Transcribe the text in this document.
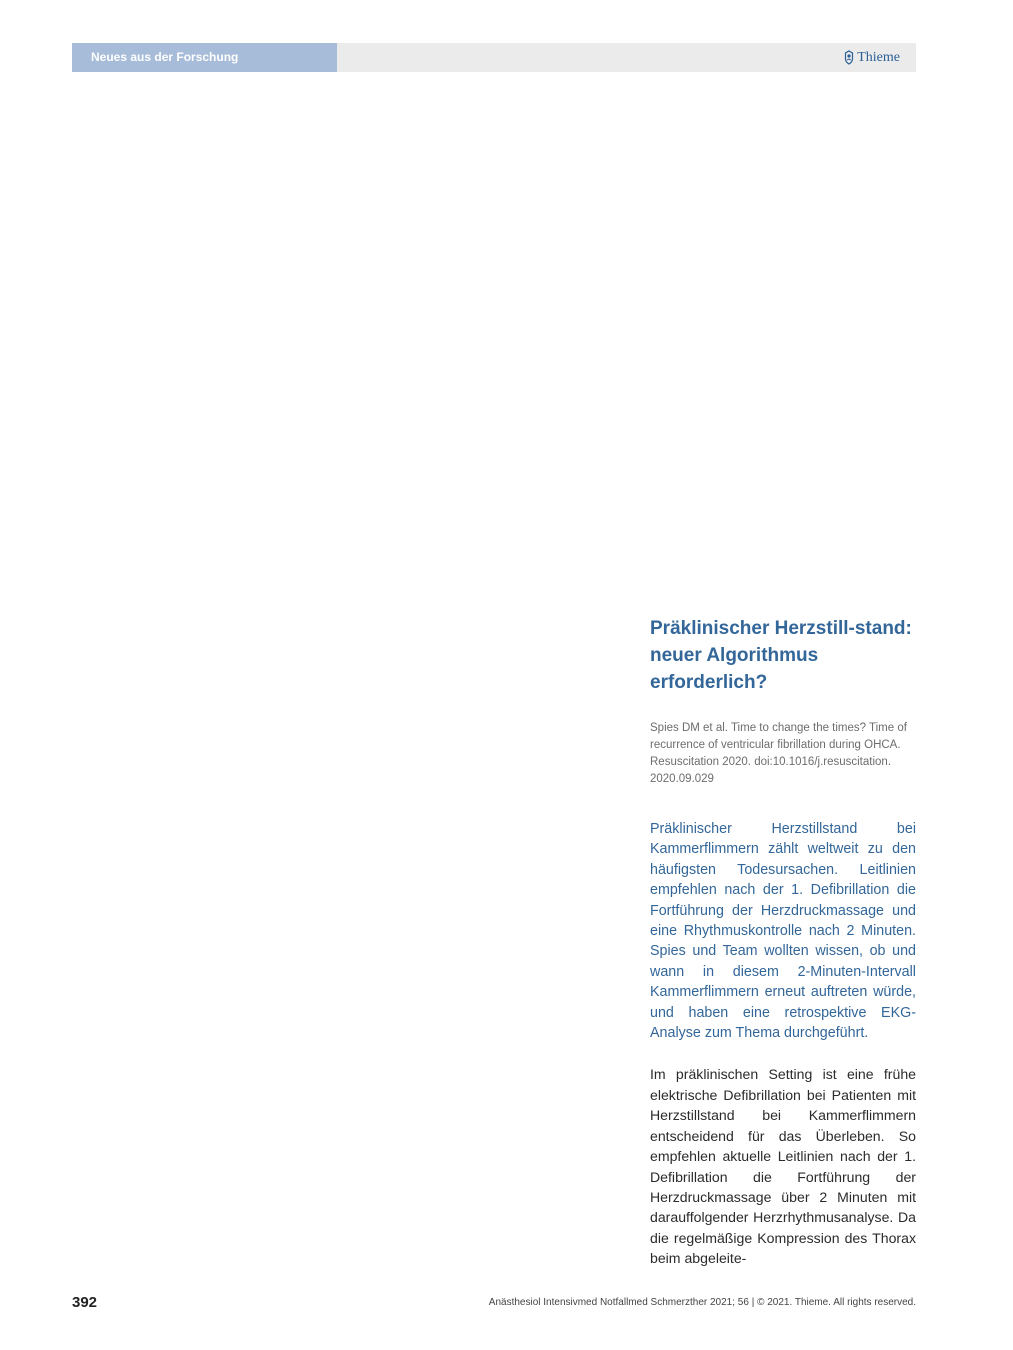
Neues aus der Forschung	Thieme
Präklinischer Herzstill-stand: neuer Algorithmus erforderlich?

Spies DM et al. Time to change the times? Time of recurrence of ventricular fibrillation during OHCA. Resuscitation 2020. doi:10.1016/j.resuscitation. 2020.09.029

Präklinischer Herzstillstand bei Kammerflimmern zählt weltweit zu den häufigsten Todesursachen. Leitlinien empfehlen nach der 1. Defibrillation die Fortführung der Herzdruckmassage und eine Rhythmuskontrolle nach 2 Minuten. Spies und Team wollten wissen, ob und wann in diesem 2-Minuten-Intervall Kammerflimmern erneut auftreten würde, und haben eine retrospektive EKG-Analyse zum Thema durchgeführt.

Im präklinischen Setting ist eine frühe elektrische Defibrillation bei Patienten mit Herzstillstand bei Kammerflimmern entscheidend für das Überleben. So empfehlen aktuelle Leitlinien nach der 1. Defibrillation die Fortführung der Herzdruckmassage über 2 Minuten mit darauffolgender Herzrhythmusanalyse. Da die regelmäßige Kompression des Thorax beim abgeleite-

392	Anästhesiol Intensivmed Notfallmed Schmerzther 2021; 56 | © 2021. Thieme. All rights reserved.
